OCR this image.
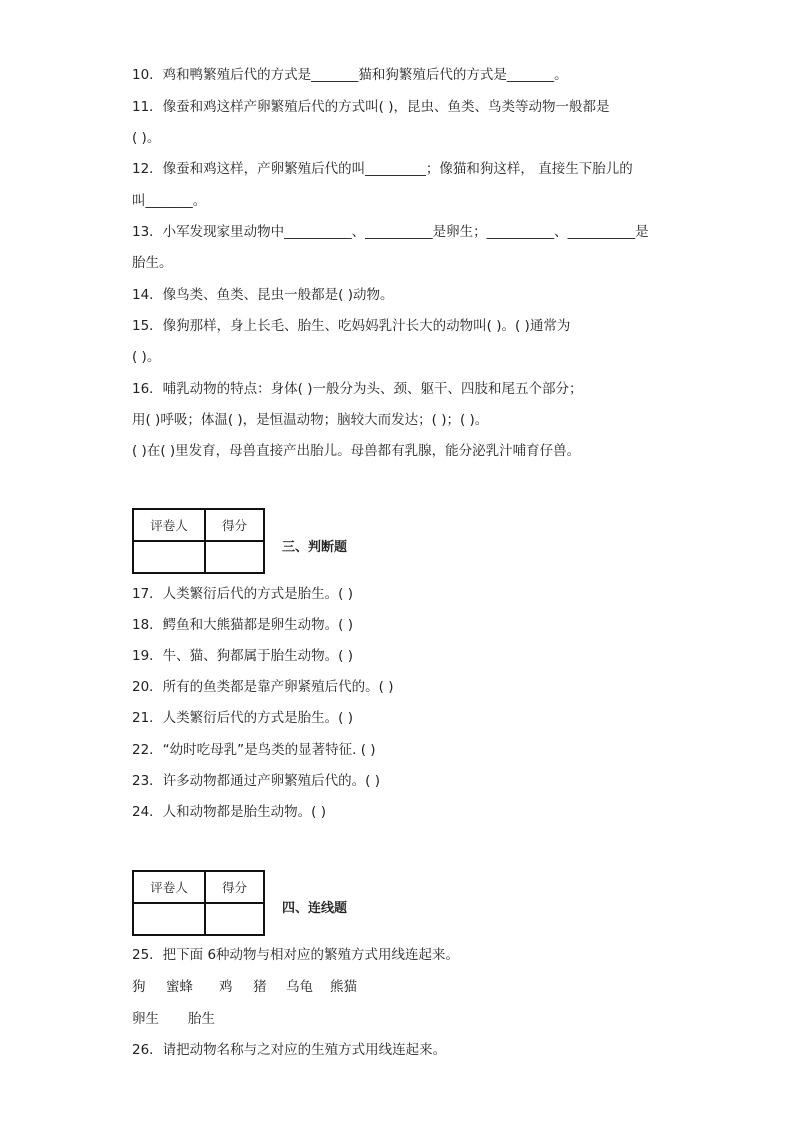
10．鸡和鸭繁殖后代的方式是_______猫和狗繁殖后代的方式是_______。
11．像蚕和鸡这样产卵繁殖后代的方式叫( )，昆虫、鱼类、鸟类等动物一般都是
( )。
12．像蚕和鸡这样，产卵繁殖后代的叫_________；像猫和狗这样， 直接生下胎儿的
叫_______。
13．小军发现家里动物中__________、__________是卵生；__________、__________是
胎生。
14．像鸟类、鱼类、昆虫一般都是( )动物。
15．像狗那样，身上长毛、胎生、吃妈妈乳汁长大的动物叫( )。( )通常为
( )。
16．哺乳动物的特点：身体( )一般分为头、颈、躯干、四肢和尾五个部分；
用( )呼吸；体温( )，是恒温动物；脑较大而发达；( )；( )。
( )在( )里发育，母兽直接产出胎儿。母兽都有乳腺，能分泌乳汁哺育仔兽。
评卷人	得分
三、判断题
17．人类繁衍后代的方式是胎生。( )
18．鳄鱼和大熊猫都是卵生动物。( )
19．牛、猫、狗都属于胎生动物。( )
20．所有的鱼类都是靠产卵紧殖后代的。( )
21．人类繁衍后代的方式是胎生。( )
22．“幼时吃母乳”是鸟类的显著特征. ( )
23．许多动物都通过产卵繁殖后代的。( )
24．人和动物都是胎生动物。( )
评卷人	得分
四、连线题
25．把下面 6种动物与相对应的繁殖方式用线连起来。
狗 蜜蜂 鸡 猪 乌龟 熊猫
卵生 胎生
26．请把动物名称与之对应的生殖方式用线连起来。
